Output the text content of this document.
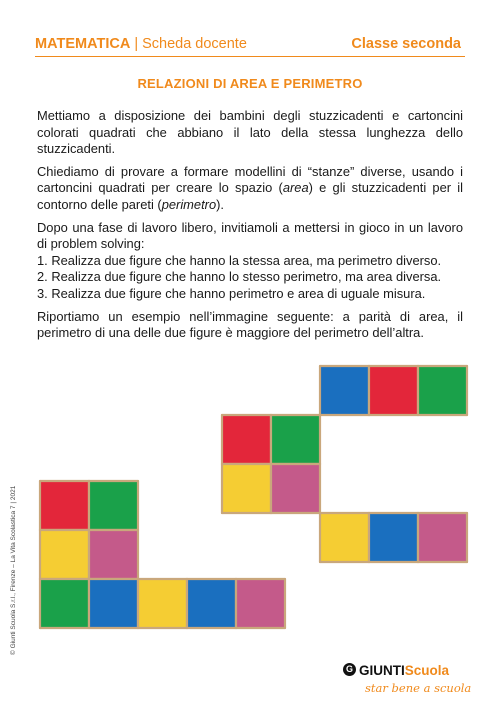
MATEMATICA | Scheda docente	Classe seconda
RELAZIONI DI AREA E PERIMETRO

Mettiamo a disposizione dei bambini degli stuzzicadenti e cartoncini colorati quadrati che abbiano il lato della stessa lunghezza dello stuzzicadenti.

Chiediamo di provare a formare modellini di “stanze” diverse, usando i cartoncini quadrati per creare lo spazio (area) e gli stuzzicadenti per il contorno delle pareti (perimetro).

Dopo una fase di lavoro libero, invitiamoli a mettersi in gioco in un lavoro di problem solving:

1. Realizza due figure che hanno la stessa area, ma perimetro diverso.
2. Realizza due figure che hanno lo stesso perimetro, ma area diversa.
3. Realizza due figure che hanno perimetro e area di uguale misura.

Riportiamo un esempio nell’immagine seguente: a parità di area, il perimetro di una delle due figure è maggiore del perimetro dell’altra.

© Giunti Scuola S.r.l., Firenze – La Vita Scolastica 7 | 2021
G GIUNTIScuola
star bene a scuola
